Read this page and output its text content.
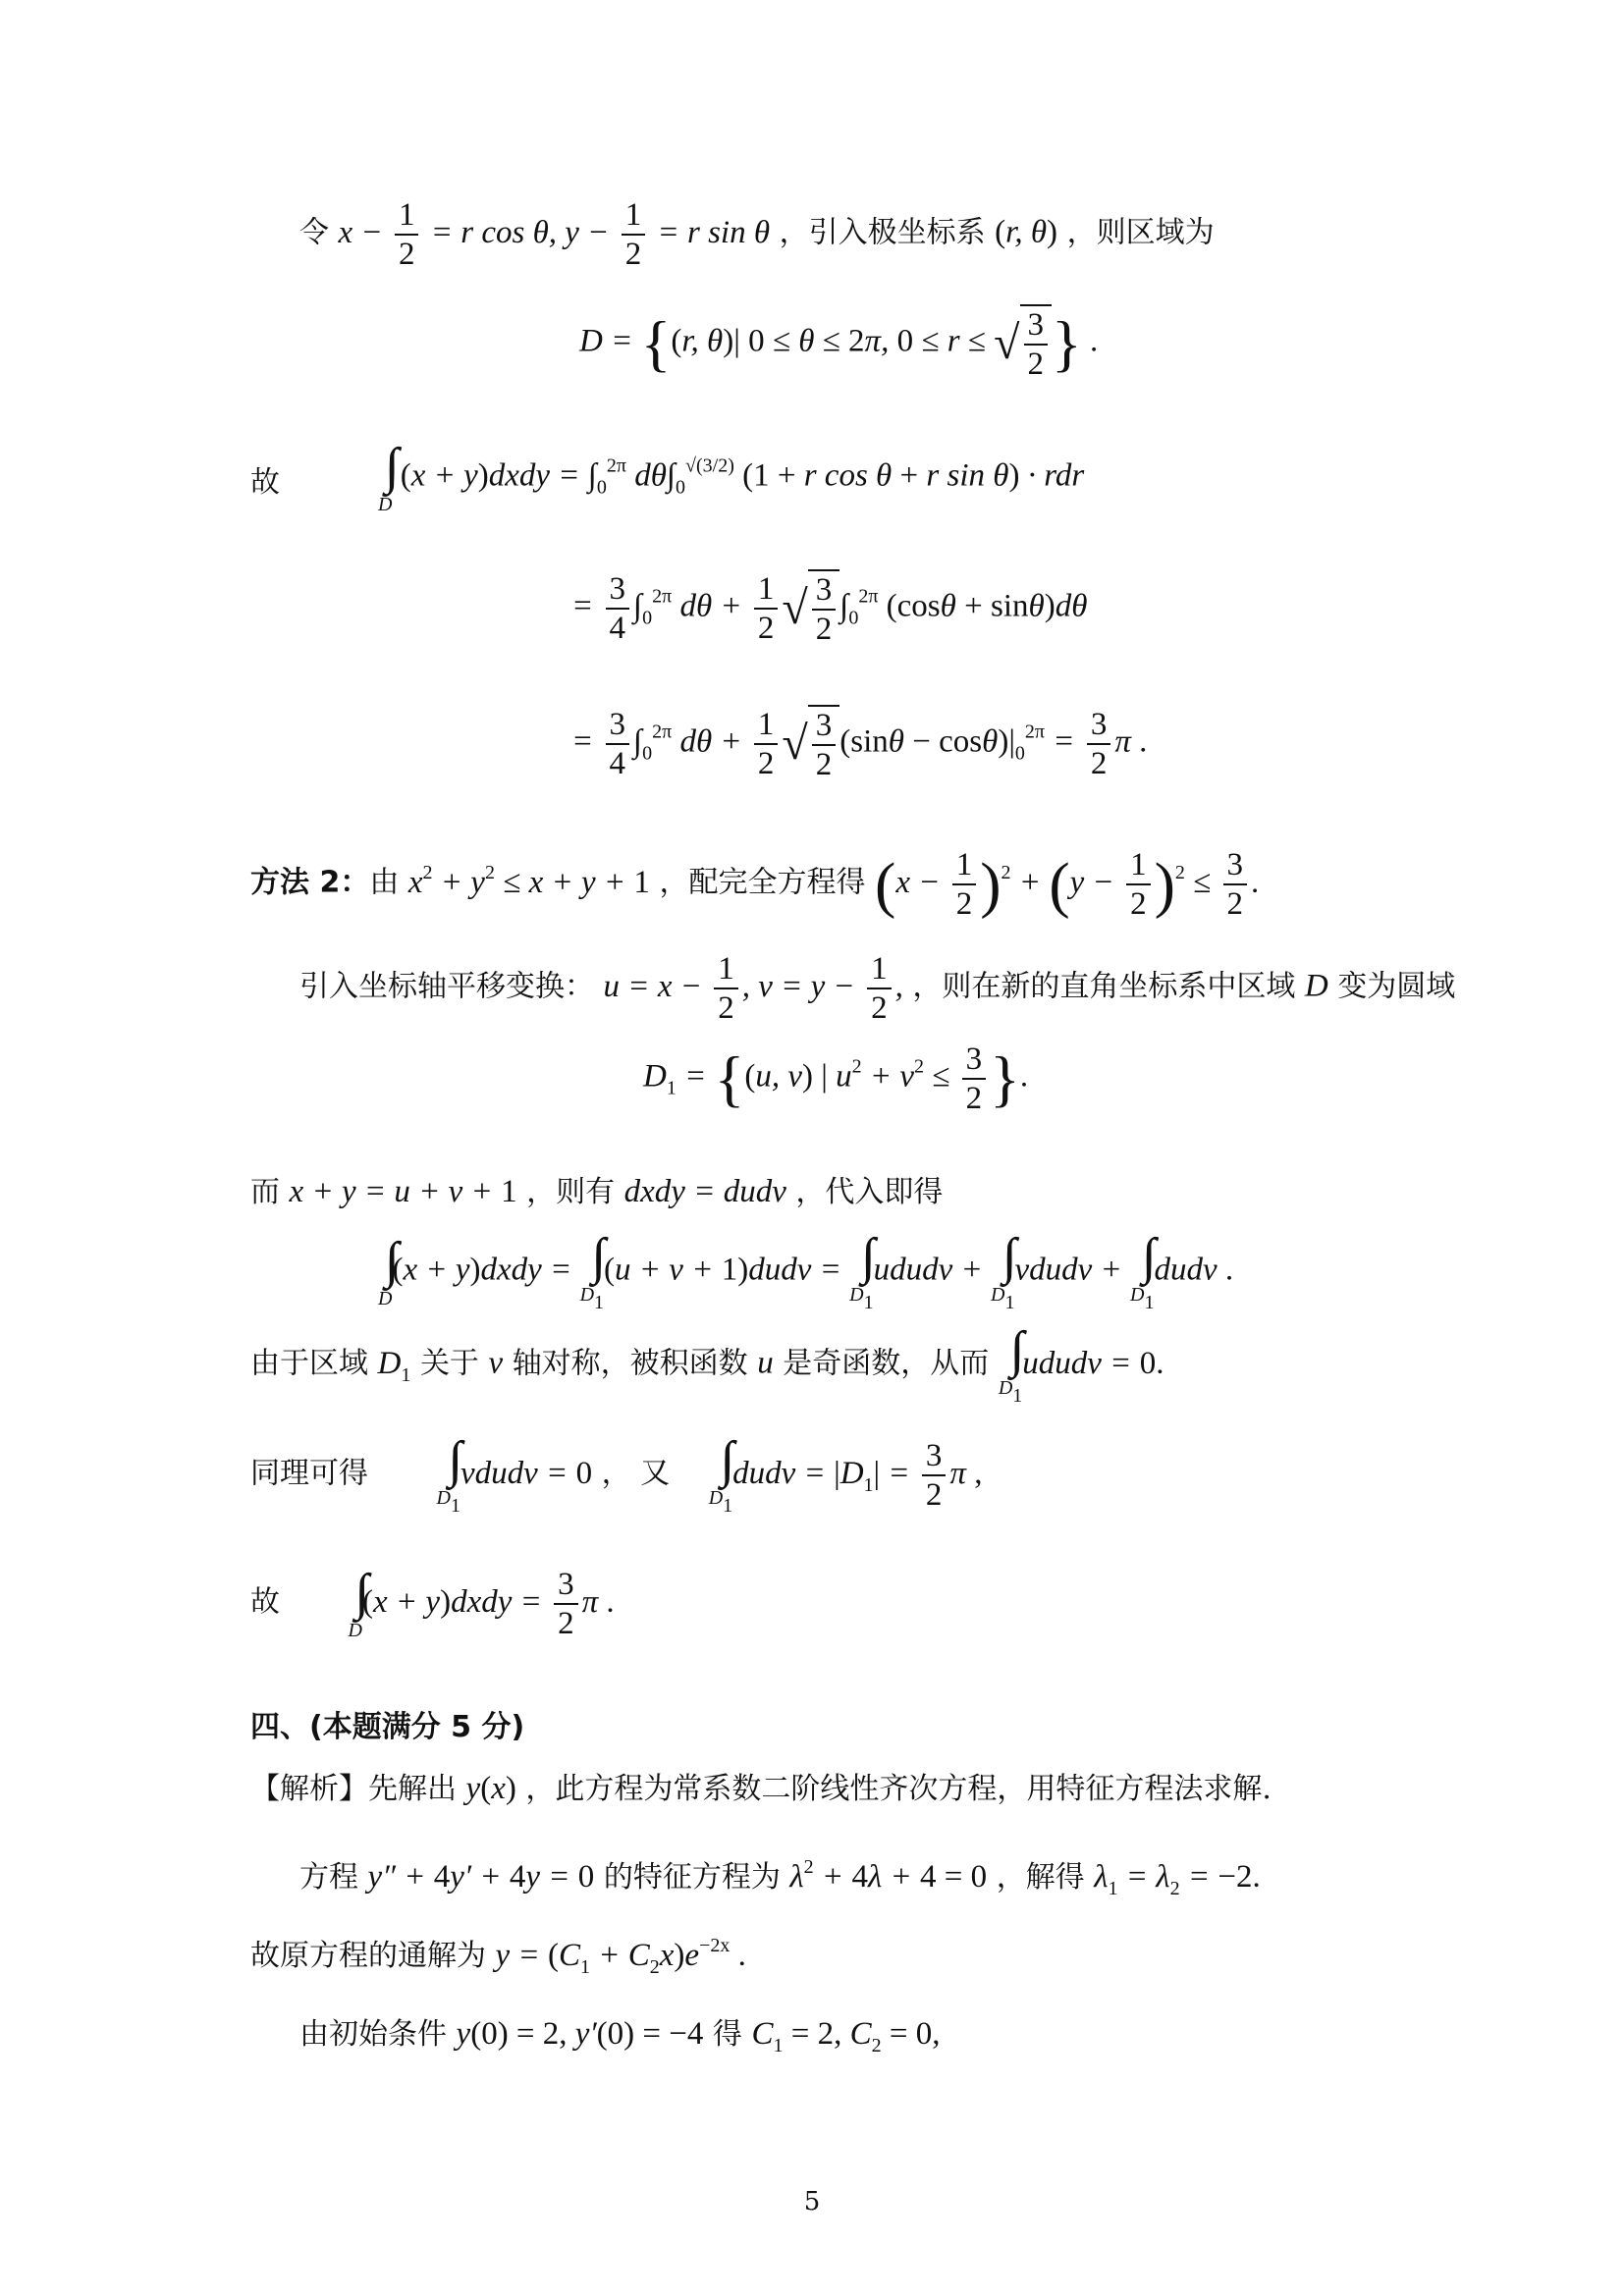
令 $x - \frac{1}{2} = r$ cos θ, $y - \frac{1}{2} = r$ sin θ ，引入极坐标系 (r, θ) ，则区域为
D = {(r, θ)| 0 ≤ θ ≤ 2π, 0 ≤ r ≤ √ $\frac{3}{2}$ } .
故 ∫∫
D
(x + y)dxdy = $\int_0^{2\pi}$ $d\theta\int_0^{√(3/2)}$ (1 + r cos θ + r sin θ) · rdr
= $\frac{3}{4} \int_0^{2\pi}$ $d\theta + \frac{1}{2}$ √ $\frac{3}{2} \int_0^{2\pi}$ (cosθ + sinθ)dθ
= $\frac{3}{4} \int_0^{2\pi}$ $d\theta + \frac{1}{2}$ √ $\frac{3}{2} (\sin\theta - \cos\theta)|_0^{2\pi} = \frac{3}{2}$ π .
方法 2：由 $x^2 + y^2 \le x + y + 1$ ，配完全方程得 $(x - \frac{1}{2} )^2 + (y - \frac{1}{2} )^2 \le \frac{3}{2}$ .
引入坐标轴平移变换： $u = x - \frac{1}{2}$ , $v = y - \frac{1}{2}$ , ，则在新的直角坐标系中区域 D 变为圆域
$D_1 = \{(u$, v) | $u^2 + v^2 \le \frac{3}{2}$ }.
而 x + y = u + v + 1 ，则有 dxdy = dudv ，代入即得
∫∫
D
(x + y)dxdy = ∫∫
D1
(u + v + 1)dudv = ∫∫
D1
ududv + ∫∫
D1
vdudv + ∫∫
D1
dudv .
由于区域 $D_1$ 关于 v 轴对称，被积函数 u 是奇函数，从而 ∫∫
D1
ududv = 0.
同理可得 ∫∫
D1
vdudv = 0 ， 又 ∫∫
D1
dudv = $|D_1| = \frac{3}{2}$ π ,
故 ∫∫
D
(x + y)dxdy = $\frac{3}{2}$ π .
四、(本题满分 5 分)
【解析】先解出 y(x) ，此方程为常系数二阶线性齐次方程，用特征方程法求解.
方程 y″ + 4y′ + 4y = 0 的特征方程为 $\lambda^2 + 4\lambda + 4 = 0$ ，解得 $\lambda_1 = \lambda_2 = -2$.
故原方程的通解为 $y = (C_1 + C_2x)e^{-2x}$ .
由初始条件 y(0) = 2, y′(0) = −4 得 $C_1 = 2$, $C_2 = 0$,
5
